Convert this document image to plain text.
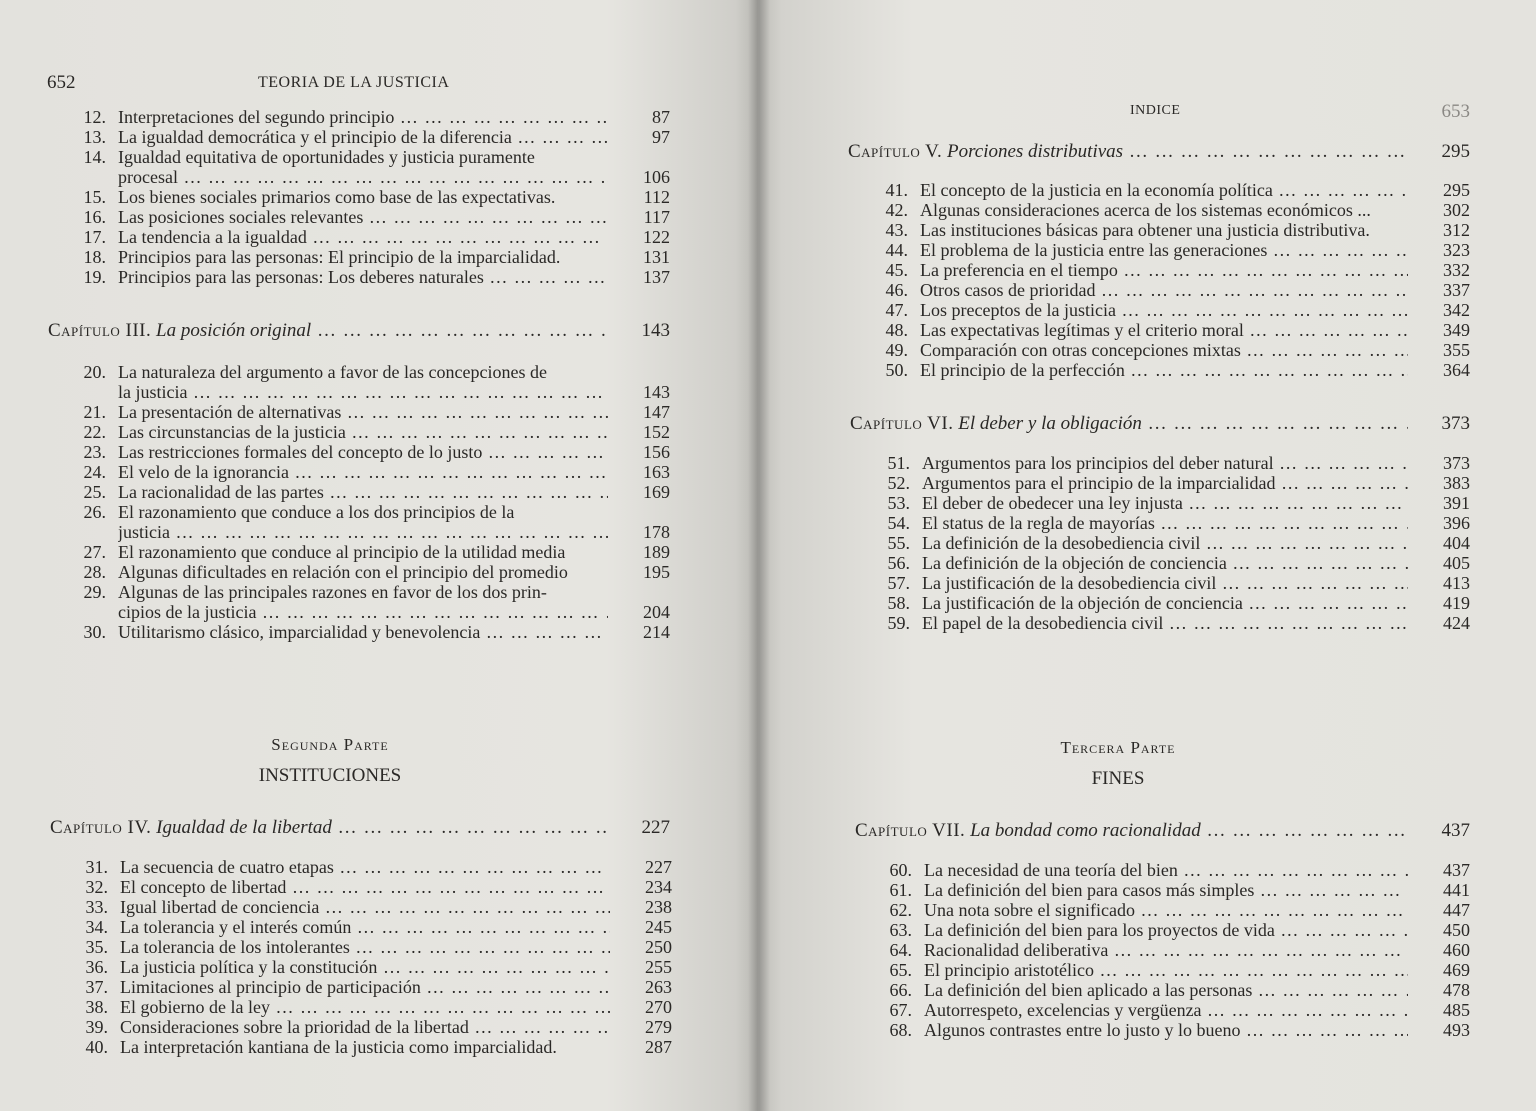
652	TEORIA DE LA JUSTICIA
12. Interpretaciones del segundo principio … … … … … … … … … … … … … … … … … … … … … … … … … … … … … … … … … …	87
13. La igualdad democrática y el principio de la diferencia … … … … … … … … … … … … … … … … … … … … … … … … … … … … … … … … … …	97
14. Igualdad equitativa de oportunidades y justicia puramente
procesal … … … … … … … … … … … … … … … … … … … … … … … … … … … … … … … … … …	106
15. Los bienes sociales primarios como base de las expectativas.	112
16. Las posiciones sociales relevantes … … … … … … … … … … … … … … … … … … … … … … … … … … … … … … … … … …	117
17. La tendencia a la igualdad … … … … … … … … … … … … … … … … … … … … … … … … … … … … … … … … … …	122
18. Principios para las personas: El principio de la imparcialidad.	131
19. Principios para las personas: Los deberes naturales … … … … … … … … … … … … … … … … … … … … … … … … … … … … … … … … … …	137
Capítulo III. La posición original … … … … … … … … … … … … … … … … … … … … … … …	143
20. La naturaleza del argumento a favor de las concepciones de
la justicia … … … … … … … … … … … … … … … … … … … … … … … … … … … … … … … … … …	143
21. La presentación de alternativas … … … … … … … … … … … … … … … … … … … … … … … … … … … … … … … … … …	147
22. Las circunstancias de la justicia … … … … … … … … … … … … … … … … … … … … … … … … … … … … … … … … … …	152
23. Las restricciones formales del concepto de lo justo … … … … … … … … … … … … … … … … … … … … … … … … … … … … … … … … … …	156
24. El velo de la ignorancia … … … … … … … … … … … … … … … … … … … … … … … … … … … … … … … … … …	163
25. La racionalidad de las partes … … … … … … … … … … … … … … … … … … … … … … … … … … … … … … … … … …	169
26. El razonamiento que conduce a los dos principios de la
justicia … … … … … … … … … … … … … … … … … … … … … … … … … … … … … … … … … …	178
27. El razonamiento que conduce al principio de la utilidad media	189
28. Algunas dificultades en relación con el principio del promedio	195
29. Algunas de las principales razones en favor de los dos prin-
cipios de la justicia … … … … … … … … … … … … … … … … … … … … … … … … … … … … … … … … … …	204
30. Utilitarismo clásico, imparcialidad y benevolencia … … … … … … … … … … … … … … … … … … … … … … … … … … … … … … … … … …	214
Segunda Parte
INSTITUCIONES
Capítulo IV. Igualdad de la libertad … … … … … … … … … … … … … … … … … … … … … … …	227
31. La secuencia de cuatro etapas … … … … … … … … … … … … … … … … … … … … … … … … … … … … … … … … … …	227
32. El concepto de libertad … … … … … … … … … … … … … … … … … … … … … … … … … … … … … … … … … …	234
33. Igual libertad de conciencia … … … … … … … … … … … … … … … … … … … … … … … … … … … … … … … … … …	238
34. La tolerancia y el interés común … … … … … … … … … … … … … … … … … … … … … … … … … … … … … … … … … …	245
35. La tolerancia de los intolerantes … … … … … … … … … … … … … … … … … … … … … … … … … … … … … … … … … …	250
36. La justicia política y la constitución … … … … … … … … … … … … … … … … … … … … … … … … … … … … … … … … … …	255
37. Limitaciones al principio de participación … … … … … … … … … … … … … … … … … … … … … … … … … … … … … … … … … …	263
38. El gobierno de la ley … … … … … … … … … … … … … … … … … … … … … … … … … … … … … … … … … …	270
39. Consideraciones sobre la prioridad de la libertad … … … … … … … … … … … … … … … … … … … … … … … … … … … … … … … … … …	279
40. La interpretación kantiana de la justicia como imparcialidad.	287
INDICE	653
Capítulo V. Porciones distributivas … … … … … … … … … … … … … … … … … … … … … … …	295
41. El concepto de la justicia en la economía política … … … … … … … … … … … … … … … … … … … … … … … … … … … … … … … … … …	295
42. Algunas consideraciones acerca de los sistemas económicos ...	302
43. Las instituciones básicas para obtener una justicia distributiva.	312
44. El problema de la justicia entre las generaciones … … … … … … … … … … … … … … … … … … … … … … … … … … … … … … … … … …	323
45. La preferencia en el tiempo … … … … … … … … … … … … … … … … … … … … … … … … … … … … … … … … … …	332
46. Otros casos de prioridad … … … … … … … … … … … … … … … … … … … … … … … … … … … … … … … … … …	337
47. Los preceptos de la justicia … … … … … … … … … … … … … … … … … … … … … … … … … … … … … … … … … …	342
48. Las expectativas legítimas y el criterio moral … … … … … … … … … … … … … … … … … … … … … … … … … … … … … … … … … …	349
49. Comparación con otras concepciones mixtas … … … … … … … … … … … … … … … … … … … … … … … … … … … … … … … … … …	355
50. El principio de la perfección … … … … … … … … … … … … … … … … … … … … … … … … … … … … … … … … … …	364
Capítulo VI. El deber y la obligación … … … … … … … … … … … … … … … … … … … … … … …	373
51. Argumentos para los principios del deber natural … … … … … … … … … … … … … … … … … … … … … … … … … … … … … … … … … …	373
52. Argumentos para el principio de la imparcialidad … … … … … … … … … … … … … … … … … … … … … … … … … … … … … … … … … …	383
53. El deber de obedecer una ley injusta … … … … … … … … … … … … … … … … … … … … … … … … … … … … … … … … … …	391
54. El status de la regla de mayorías … … … … … … … … … … … … … … … … … … … … … … … … … … … … … … … … … …	396
55. La definición de la desobediencia civil … … … … … … … … … … … … … … … … … … … … … … … … … … … … … … … … … …	404
56. La definición de la objeción de conciencia … … … … … … … … … … … … … … … … … … … … … … … … … … … … … … … … … …	405
57. La justificación de la desobediencia civil … … … … … … … … … … … … … … … … … … … … … … … … … … … … … … … … … …	413
58. La justificación de la objeción de conciencia … … … … … … … … … … … … … … … … … … … … … … … … … … … … … … … … … …	419
59. El papel de la desobediencia civil … … … … … … … … … … … … … … … … … … … … … … … … … … … … … … … … … …	424
Tercera Parte
FINES
Capítulo VII. La bondad como racionalidad … … … … … … … … … … … … … … … … … … … … … … …	437
60. La necesidad de una teoría del bien … … … … … … … … … … … … … … … … … … … … … … … … … … … … … … … … … …	437
61. La definición del bien para casos más simples … … … … … … … … … … … … … … … … … … … … … … … … … … … … … … … … … …	441
62. Una nota sobre el significado … … … … … … … … … … … … … … … … … … … … … … … … … … … … … … … … … …	447
63. La definición del bien para los proyectos de vida … … … … … … … … … … … … … … … … … … … … … … … … … … … … … … … … … …	450
64. Racionalidad deliberativa … … … … … … … … … … … … … … … … … … … … … … … … … … … … … … … … … …	460
65. El principio aristotélico … … … … … … … … … … … … … … … … … … … … … … … … … … … … … … … … … …	469
66. La definición del bien aplicado a las personas … … … … … … … … … … … … … … … … … … … … … … … … … … … … … … … … … …	478
67. Autorrespeto, excelencias y vergüenza … … … … … … … … … … … … … … … … … … … … … … … … … … … … … … … … … …	485
68. Algunos contrastes entre lo justo y lo bueno … … … … … … … … … … … … … … … … … … … … … … … … … … … … … … … … … …	493
